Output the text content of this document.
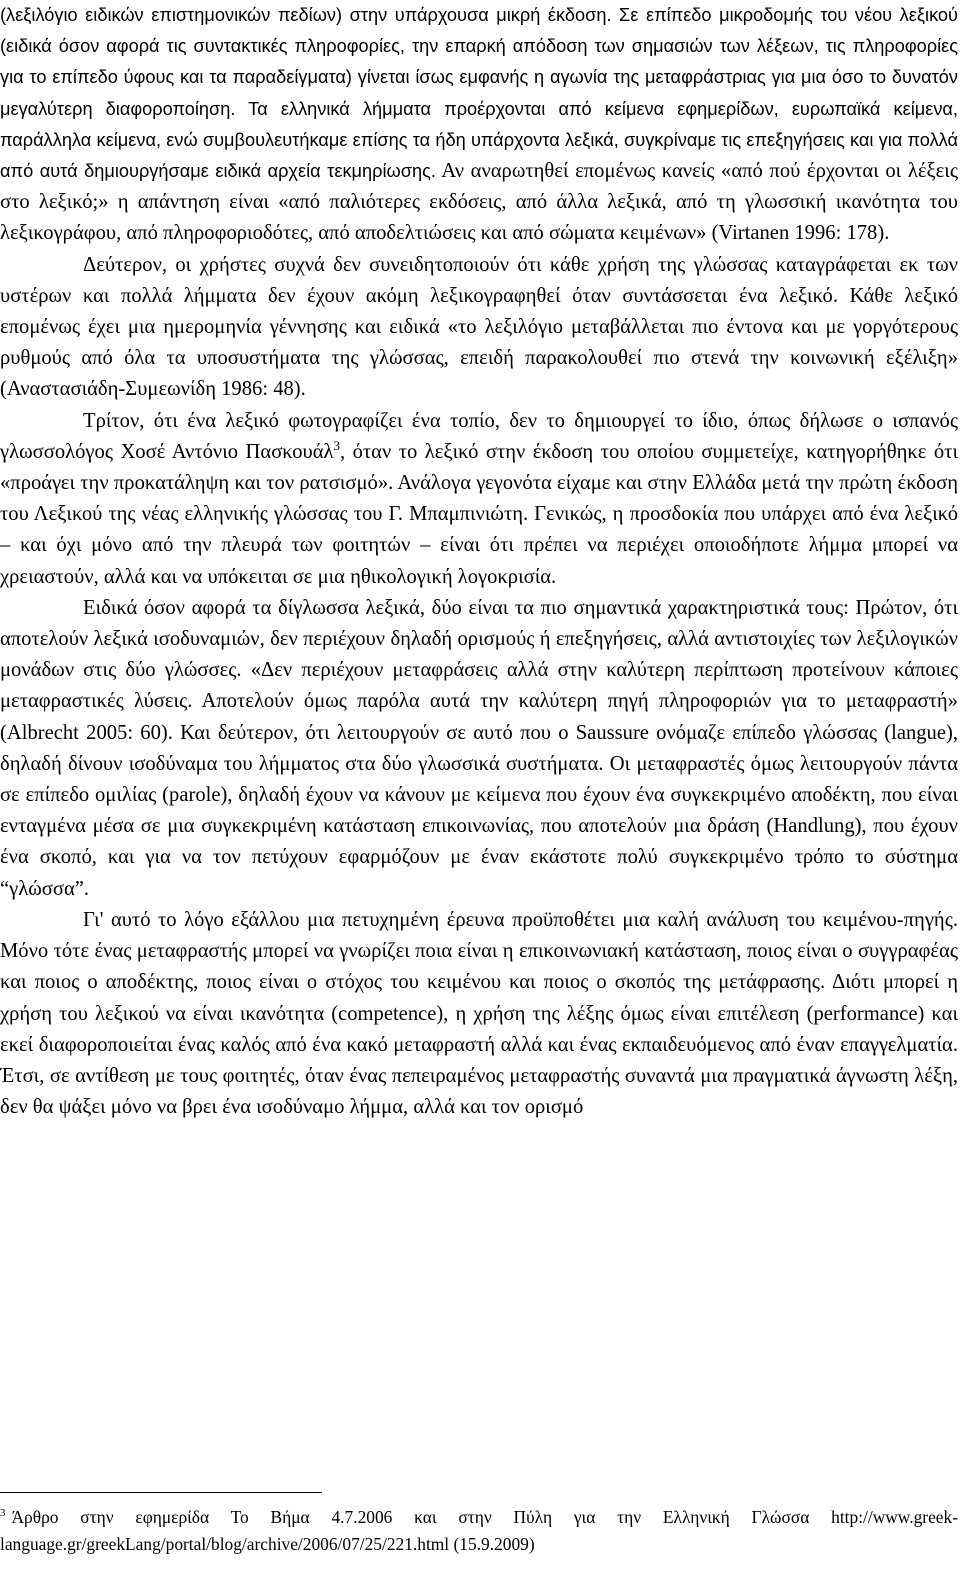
(λεξιλόγιο ειδικών επιστημονικών πεδίων) στην υπάρχουσα μικρή έκδοση. Σε επίπεδο μικροδομής του νέου λεξικού (ειδικά όσον αφορά τις συντακτικές πληροφορίες, την επαρκή απόδοση των σημασιών των λέξεων, τις πληροφορίες για το επίπεδο ύφους και τα παραδείγματα) γίνεται ίσως εμφανής η αγωνία της μεταφράστριας για μια όσο το δυνατόν μεγαλύτερη διαφοροποίηση. Τα ελληνικά λήμματα προέρχονται από κείμενα εφημερίδων, ευρωπαϊκά κείμενα, παράλληλα κείμενα, ενώ συμβουλευτήκαμε επίσης τα ήδη υπάρχοντα λεξικά, συγκρίναμε τις επεξηγήσεις και για πολλά από αυτά δημιουργήσαμε ειδικά αρχεία τεκμηρίωσης. Αν αναρωτηθεί επομένως κανείς «από πού έρχονται οι λέξεις στο λεξικό;» η απάντηση είναι «από παλιότερες εκδόσεις, από άλλα λεξικά, από τη γλωσσική ικανότητα του λεξικογράφου, από πληροφοριοδότες, από αποδελτιώσεις και από σώματα κειμένων» (Virtanen 1996: 178).

Δεύτερον, οι χρήστες συχνά δεν συνειδητοποιούν ότι κάθε χρήση της γλώσσας καταγράφεται εκ των υστέρων και πολλά λήμματα δεν έχουν ακόμη λεξικογραφηθεί όταν συντάσσεται ένα λεξικό. Κάθε λεξικό επομένως έχει μια ημερομηνία γέννησης και ειδικά «το λεξιλόγιο μεταβάλλεται πιο έντονα και με γοργότερους ρυθμούς από όλα τα υποσυστήματα της γλώσσας, επειδή παρακολουθεί πιο στενά την κοινωνική εξέλιξη» (Αναστασιάδη-Συμεωνίδη 1986: 48).

Τρίτον, ότι ένα λεξικό φωτογραφίζει ένα τοπίο, δεν το δημιουργεί το ίδιο, όπως δήλωσε ο ισπανός γλωσσολόγος Χοσέ Αντόνιο Πασκουάλ$^3$, όταν το λεξικό στην έκδοση του οποίου συμμετείχε, κατηγορήθηκε ότι «προάγει την προκατάληψη και τον ρατσισμό». Ανάλογα γεγονότα είχαμε και στην Ελλάδα μετά την πρώτη έκδοση του Λεξικού της νέας ελληνικής γλώσσας του Γ. Μπαμπινιώτη. Γενικώς, η προσδοκία που υπάρχει από ένα λεξικό – και όχι μόνο από την πλευρά των φοιτητών – είναι ότι πρέπει να περιέχει οποιοδήποτε λήμμα μπορεί να χρειαστούν, αλλά και να υπόκειται σε μια ηθικολογική λογοκρισία.

Ειδικά όσον αφορά τα δίγλωσσα λεξικά, δύο είναι τα πιο σημαντικά χαρακτηριστικά τους: Πρώτον, ότι αποτελούν λεξικά ισοδυναμιών, δεν περιέχουν δηλαδή ορισμούς ή επεξηγήσεις, αλλά αντιστοιχίες των λεξιλογικών μονάδων στις δύο γλώσσες. «Δεν περιέχουν μεταφράσεις αλλά στην καλύτερη περίπτωση προτείνουν κάποιες μεταφραστικές λύσεις. Αποτελούν όμως παρόλα αυτά την καλύτερη πηγή πληροφοριών για το μεταφραστή» (Albrecht 2005: 60). Και δεύτερον, ότι λειτουργούν σε αυτό που ο Saussure ονόμαζε επίπεδο γλώσσας (langue), δηλαδή δίνουν ισοδύναμα του λήμματος στα δύο γλωσσικά συστήματα. Οι μεταφραστές όμως λειτουργούν πάντα σε επίπεδο ομιλίας (parole), δηλαδή έχουν να κάνουν με κείμενα που έχουν ένα συγκεκριμένο αποδέκτη, που είναι ενταγμένα μέσα σε μια συγκεκριμένη κατάσταση επικοινωνίας, που αποτελούν μια δράση (Handlung), που έχουν ένα σκοπό, και για να τον πετύχουν εφαρμόζουν με έναν εκάστοτε πολύ συγκεκριμένο τρόπο το σύστημα “γλώσσα”.

Γι' αυτό το λόγο εξάλλου μια πετυχημένη έρευνα προϋποθέτει μια καλή ανάλυση του κειμένου-πηγής. Μόνο τότε ένας μεταφραστής μπορεί να γνωρίζει ποια είναι η επικοινωνιακή κατάσταση, ποιος είναι ο συγγραφέας και ποιος ο αποδέκτης, ποιος είναι ο στόχος του κειμένου και ποιος ο σκοπός της μετάφρασης. Διότι μπορεί η χρήση του λεξικού να είναι ικανότητα (competence), η χρήση της λέξης όμως είναι επιτέλεση (performance) και εκεί διαφοροποιείται ένας καλός από ένα κακό μεταφραστή αλλά και ένας εκπαιδευόμενος από έναν επαγγελματία. Έτσι, σε αντίθεση με τους φοιτητές, όταν ένας πεπειραμένος μεταφραστής συναντά μια πραγματικά άγνωστη λέξη, δεν θα ψάξει μόνο να βρει ένα ισοδύναμο λήμμα, αλλά και τον ορισμό

$^3$ Άρθρο στην εφημερίδα Το Βήμα 4.7.2006 και στην Πύλη για την Ελληνική Γλώσσα http://www.greek-language.gr/greekLang/portal/blog/archive/2006/07/25/221.html (15.9.2009)
